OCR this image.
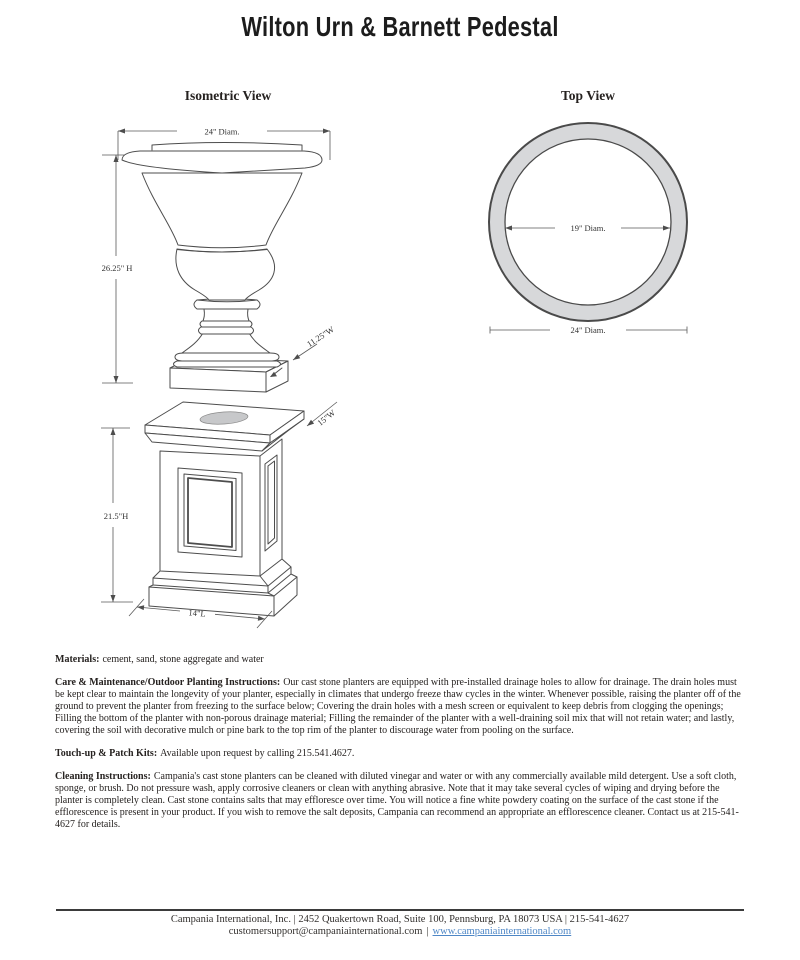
Wilton Urn & Barnett Pedestal
Isometric View	Top View
24" Diam.
26.25" H
11.25"W
19" Diam.
24" Diam.
21.5"H
15"W
14"L

Materials: cement, sand, stone aggregate and water

Care & Maintenance/Outdoor Planting Instructions: Our cast stone planters are equipped with pre-installed drainage holes to allow for drainage. The drain holes must be kept clear to maintain the longevity of your planter, especially in climates that undergo freeze thaw cycles in the winter. Whenever possible, raising the planter off of the ground to prevent the planter from freezing to the surface below; Covering the drain holes with a mesh screen or equivalent to keep debris from clogging the openings; Filling the bottom of the planter with non-porous drainage material; Filling the remainder of the planter with a well-draining soil mix that will not retain water; and lastly, covering the soil with decorative mulch or pine bark to the top rim of the planter to discourage water from pooling on the surface.

Touch-up & Patch Kits: Available upon request by calling 215.541.4627.

Cleaning Instructions: Campania's cast stone planters can be cleaned with diluted vinegar and water or with any commercially available mild detergent. Use a soft cloth, sponge, or brush. Do not pressure wash, apply corrosive cleaners or clean with anything abrasive. Note that it may take several cycles of wiping and drying before the planter is completely clean. Cast stone contains salts that may effloresce over time. You will notice a fine white powdery coating on the surface of the cast stone if the efflorescence is present in your product. If you wish to remove the salt deposits, Campania can recommend an appropriate an efflorescence cleaner. Contact us at 215-541-4627 for details.

Campania International, Inc. | 2452 Quakertown Road, Suite 100, Pennsburg, PA 18073 USA | 215-541-4627
customersupport@campaniainternational.com | www.campaniainternational.com
